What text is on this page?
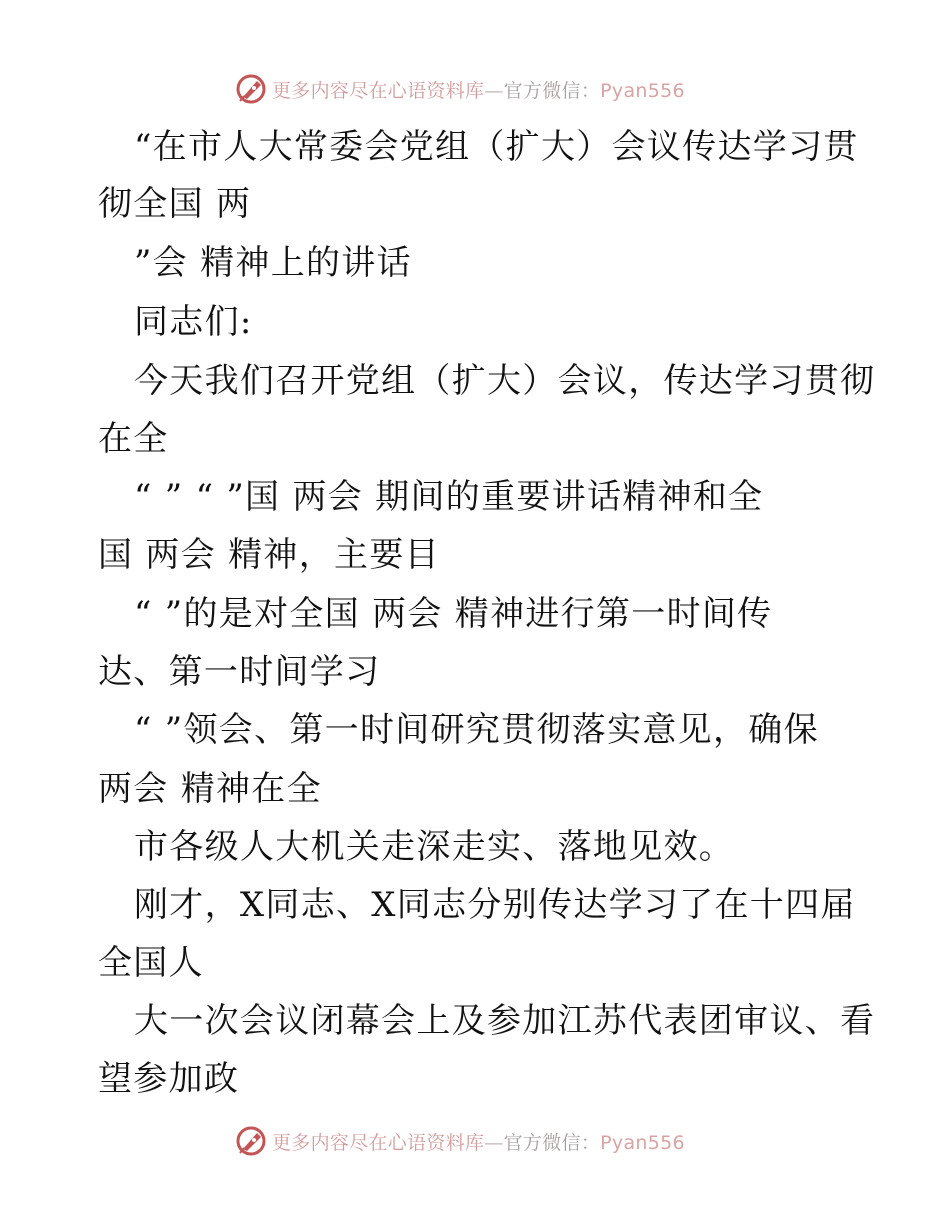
更多内容尽在心语资料库—官方微信：Pyan556

“在市人大常委会党组（扩大）会议传达学习贯

彻全国 两

”会 精神上的讲话

同志们:

今天我们召开党组（扩大）会议，传达学习贯彻

在全

“ ” “ ”国 两会 期间的重要讲话精神和全

国 两会 精神，主要目

“ ”的是对全国 两会 精神进行第一时间传

达、第一时间学习

“ ”领会、第一时间研究贯彻落实意见，确保

两会 精神在全

市各级人大机关走深走实、落地见效。

刚才，X同志、X同志分别传达学习了在十四届

全国人

大一次会议闭幕会上及参加江苏代表团审议、看

望参加政

更多内容尽在心语资料库—官方微信：Pyan556
